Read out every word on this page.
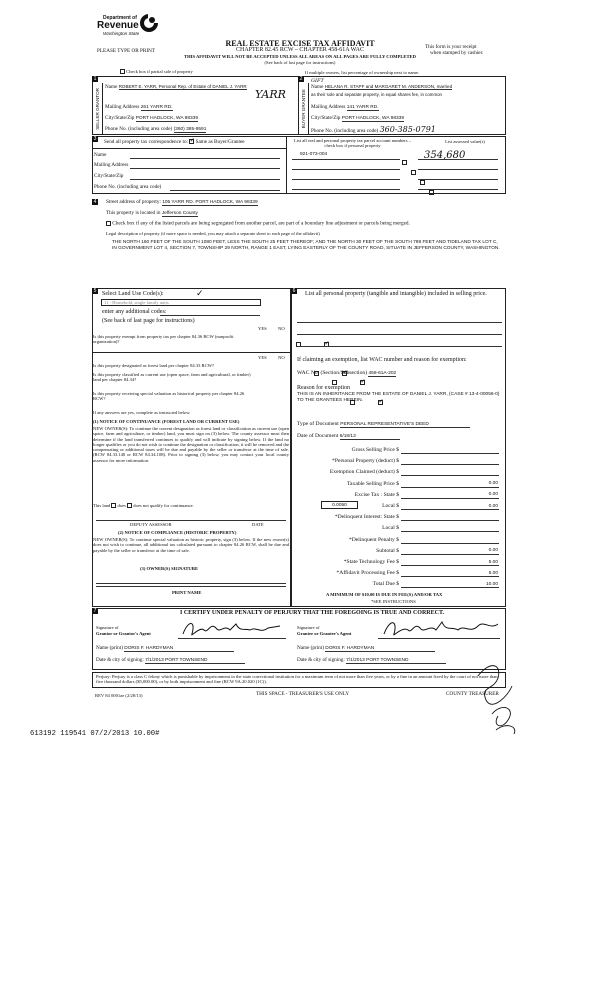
Department of
Revenue
Washington State
PLEASE TYPE OR PRINT
REAL ESTATE EXCISE TAX AFFIDAVIT
CHAPTER 82.45 RCW – CHAPTER 458-61A WAC
THIS AFFIDAVIT WILL NOT BE ACCEPTED UNLESS ALL AREAS ON ALL PAGES ARE FULLY COMPLETED
(See back of last page for instructions)
This form is your receipt
when stamped by cashier.
Check box if partial sale of property	If multiple owners, list percentage of ownership next to name.
1	2
SELLER GRANTOR	BUYER GRANTEE
Name ROBERT E. YARR, Personal Rep. of Estate of DANIEL J. YARR
YARR
Mailing Address 261 YARR RD.
City/State/Zip PORT HADLOCK, WA 98339
Phone No. (including area code) (360) 385-9591
GIFT
Name HELANA R. STAPF and MARGARET M. ANDERSON, married
as their sole and separate property, in equal shares fee, in common
Mailing Address 141 YARR RD.
City/State/Zip PORT HADLOCK, WA 98339
Phone No. (including area code) 360-385-0791
3	Send all property tax correspondence to: ✓ Same as Buyer/Grantee
Name
Mailing Address
City/State/Zip
Phone No. (including area code)
List all real and personal property tax parcel account numbers – check box if personal property
List assessed value(s)
921-073-004	354,680

4	Street address of property: 105 YARR RD. PORT HADLOCK, WA 98339
This property is located in Jefferson County
Check box if any of the listed parcels are being segregated from another parcel, are part of a boundary line adjustment or parcels being merged.
Legal description of property (if more space is needed, you may attach a separate sheet to each page of the affidavit)
THE NORTH 160 FEET OF THE SOUTH 1080 FEET, LESS THE SOUTH 25 FEET THEREOF; AND THE NORTH 30 FEET OF THE SOUTH 798 FEET AND TIDELAND TAX LOT C, IN GOVERNMENT LOT 4, SECTION 7, TOWNSHIP 29 NORTH, RANGE 1 EAST, LYING EASTERLY OF THE COUNTY ROAD, SITUATE IN JEFFERSON COUNTY, WASHINGTON.
5 Select Land Use Code(s):	✓
11 - Household, single family units
enter any additional codes:
(See back of last page for instructions)
YES NO
Is this property exempt from property tax per chapter 84.36 RCW (nonprofit organization)?
✓
YES NO
Is this property designated as forest land per chapter 84.33 RCW?
✓
Is this property classified as current use (open space, farm and agricultural, or timber) land per chapter 84.34?
✓
Is this property receiving special valuation as historical property per chapter 84.26 RCW?
✓
If any answers are yes, complete as instructed below.
(1) NOTICE OF CONTINUANCE (FOREST LAND OR CURRENT USE)
NEW OWNER(S): To continue the current designation as forest land or classification as current use (open space, farm and agriculture, or timber) land, you must sign on (3) below. The county assessor must then determine if the land transferred continues to qualify and will indicate by signing below. If the land no longer qualifies or you do not wish to continue the designation or classification, it will be removed and the compensating or additional taxes will be due and payable by the seller or transferor at the time of sale. (RCW 84.33.140 or RCW 84.34.108). Prior to signing (3) below, you may contact your local county assessor for more information.
This land does does not qualify for continuance.
DEPUTY ASSESSOR	DATE
(2) NOTICE OF COMPLIANCE (HISTORIC PROPERTY)
NEW OWNER(S): To continue special valuation as historic property, sign (3) below. If the new owner(s) does not wish to continue, all additional tax calculated pursuant to chapter 84.26 RCW, shall be due and payable by the seller or transferor at the time of sale.
(3) OWNER(S) SIGNATURE
PRINT NAME
6 List all personal property (tangible and intangible) included in selling price.
If claiming an exemption, list WAC number and reason for exemption:
WAC No. (Section/Subsection) 458-61A-202
Reason for exemption
THIS IS AN INHERITANCE FROM THE ESTATE OF DANIEL J. YARR, (CASE # 13-4-00056-0) TO THE GRANTEES HEREIN.
Type of Document PERSONAL REPRESENTATIVE'S DEED
Date of Document 6/18/13
Gross Selling Price $
*Personal Property (deduct) $
Exemption Claimed (deduct) $
Taxable Selling Price $	0.00
Excise Tax : State $	0.00
Local $	0.00
*Delinquent Interest: State $
Local $
*Delinquent Penalty $
Subtotal $	0.00
*State Technology Fee $	5.00
*Affidavit Processing Fee $	5.00
Total Due $	10.00
0.0050
A MINIMUM OF $10.00 IS DUE IN FEE(S) AND/OR TAX
*SEE INSTRUCTIONS
7	I CERTIFY UNDER PENALTY OF PERJURY THAT THE FOREGOING IS TRUE AND CORRECT.
Signature of
Grantor or Grantor's Agent
Name (print) DORIS F. HARDYMAN
Date & city of signing: 7/1/2013 PORT TOWNSEND
Signature of
Grantee or Grantee's Agent
Name (print) DORIS F. HARDYMAN
Date & city of signing: 7/1/2013 PORT TOWNSEND
Perjury: Perjury is a class C felony which is punishable by imprisonment in the state correctional institution for a maximum term of not more than five years, or by a fine in an amount fixed by the court of not more than five thousand dollars ($5,000.00), or by both imprisonment and fine (RCW 9A.20.020 (1C)).
REV 84 0001ae (2/28/13)	THIS SPACE - TREASURER'S USE ONLY	COUNTY TREASURER
613192 119541 07/2/2013 10.00#
